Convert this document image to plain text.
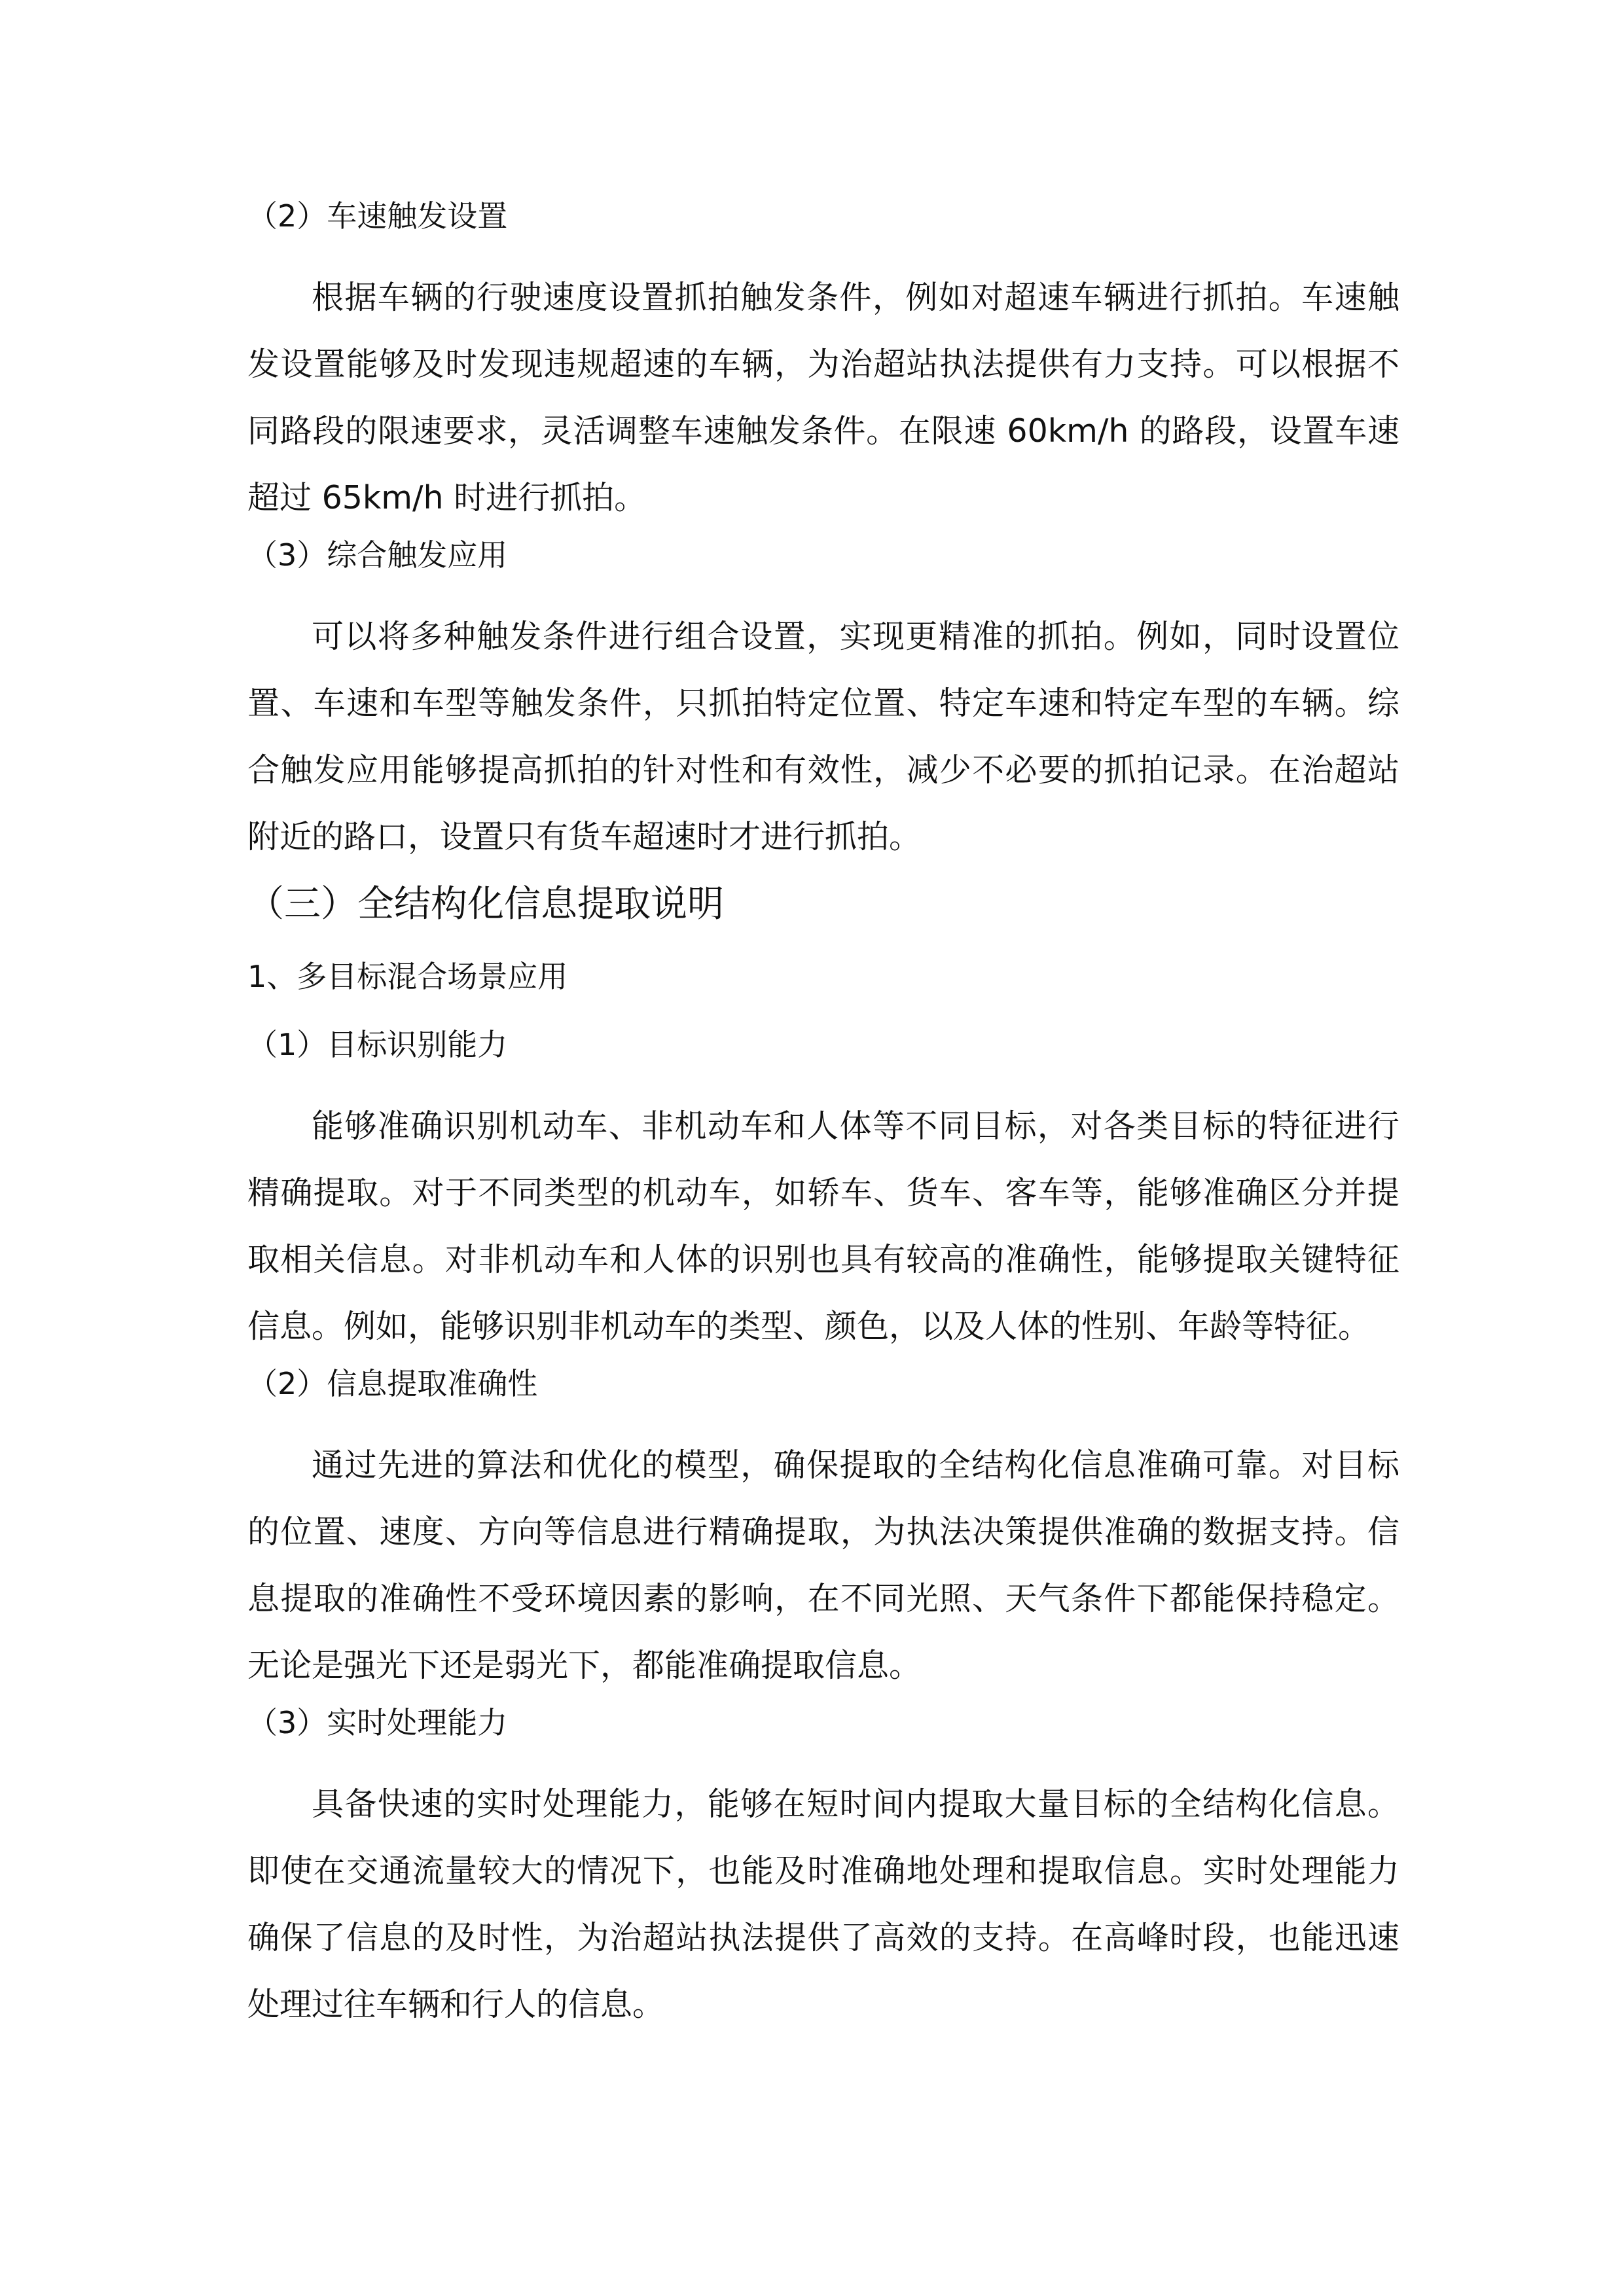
（2）车速触发设置

根据车辆的行驶速度设置抓拍触发条件，例如对超速车辆进行抓拍。车速触发设置能够及时发现违规超速的车辆，为治超站执法提供有力支持。可以根据不同路段的限速要求，灵活调整车速触发条件。在限速 60km/h 的路段，设置车速超过 65km/h 时进行抓拍。

（3）综合触发应用

可以将多种触发条件进行组合设置，实现更精准的抓拍。例如，同时设置位置、车速和车型等触发条件，只抓拍特定位置、特定车速和特定车型的车辆。综合触发应用能够提高抓拍的针对性和有效性，减少不必要的抓拍记录。在治超站附近的路口，设置只有货车超速时才进行抓拍。

（三）全结构化信息提取说明
1、多目标混合场景应用
（1）目标识别能力

能够准确识别机动车、非机动车和人体等不同目标，对各类目标的特征进行精确提取。对于不同类型的机动车，如轿车、货车、客车等，能够准确区分并提取相关信息。对非机动车和人体的识别也具有较高的准确性，能够提取关键特征信息。例如，能够识别非机动车的类型、颜色，以及人体的性别、年龄等特征。

（2）信息提取准确性

通过先进的算法和优化的模型，确保提取的全结构化信息准确可靠。对目标的位置、速度、方向等信息进行精确提取，为执法决策提供准确的数据支持。信息提取的准确性不受环境因素的影响，在不同光照、天气条件下都能保持稳定。无论是强光下还是弱光下，都能准确提取信息。

（3）实时处理能力

具备快速的实时处理能力，能够在短时间内提取大量目标的全结构化信息。即使在交通流量较大的情况下，也能及时准确地处理和提取信息。实时处理能力确保了信息的及时性，为治超站执法提供了高效的支持。在高峰时段，也能迅速处理过往车辆和行人的信息。
